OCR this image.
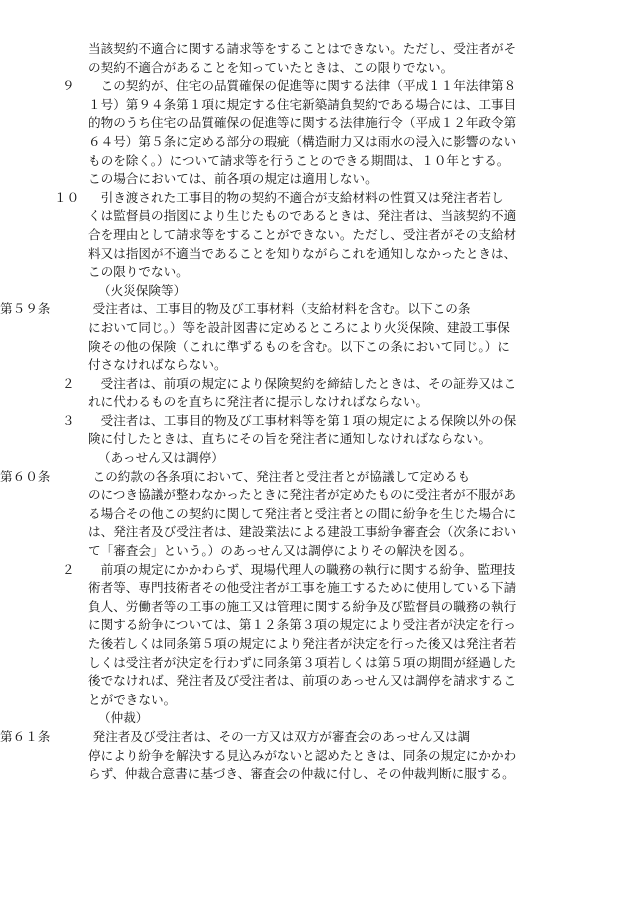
当該契約不適合に関する請求等をすることはできない。ただし、受注者がそ
の契約不適合があることを知っていたときは、この限りでない。
９ 　この契約が、住宅の品質確保の促進等に関する法律（平成１１年法律第８
１号）第９４条第１項に規定する住宅新築請負契約である場合には、工事目
的物のうち住宅の品質確保の促進等に関する法律施行令（平成１２年政令第
６４号）第５条に定める部分の瑕疵（構造耐力又は雨水の浸入に影響のない
ものを除く。）について請求等を行うことのできる期間は、１０年とする。
この場合においては、前各項の規定は適用しない。
１０ 　引き渡された工事目的物の契約不適合が支給材料の性質又は発注者若し
くは監督員の指図により生じたものであるときは、発注者は、当該契約不適
合を理由として請求等をすることができない。ただし、受注者がその支給材
料又は指図が不適当であることを知りながらこれを通知しなかったときは、
この限りでない。
（火災保険等）
第５９条 　受注者は、工事目的物及び工事材料（支給材料を含む。以下この条
において同じ。）等を設計図書に定めるところにより火災保険、建設工事保
険その他の保険（これに準ずるものを含む。以下この条において同じ。）に
付さなければならない。
２ 　受注者は、前項の規定により保険契約を締結したときは、その証券又はこ
れに代わるものを直ちに発注者に提示しなければならない。
３ 　受注者は、工事目的物及び工事材料等を第１項の規定による保険以外の保
険に付したときは、直ちにその旨を発注者に通知しなければならない。
（あっせん又は調停）
第６０条 　この約款の各条項において、発注者と受注者とが協議して定めるも
のにつき協議が整わなかったときに発注者が定めたものに受注者が不服があ
る場合その他この契約に関して発注者と受注者との間に紛争を生じた場合に
は、発注者及び受注者は、建設業法による建設工事紛争審査会（次条におい
て「審査会」という。）のあっせん又は調停によりその解決を図る。
２ 　前項の規定にかかわらず、現場代理人の職務の執行に関する紛争、監理技
術者等、専門技術者その他受注者が工事を施工するために使用している下請
負人、労働者等の工事の施工又は管理に関する紛争及び監督員の職務の執行
に関する紛争については、第１２条第３項の規定により受注者が決定を行っ
た後若しくは同条第５項の規定により発注者が決定を行った後又は発注者若
しくは受注者が決定を行わずに同条第３項若しくは第５項の期間が経過した
後でなければ、発注者及び受注者は、前項のあっせん又は調停を請求するこ
とができない。
（仲裁）
第６１条 　発注者及び受注者は、その一方又は双方が審査会のあっせん又は調
停により紛争を解決する見込みがないと認めたときは、同条の規定にかかわ
らず、仲裁合意書に基づき、審査会の仲裁に付し、その仲裁判断に服する。
